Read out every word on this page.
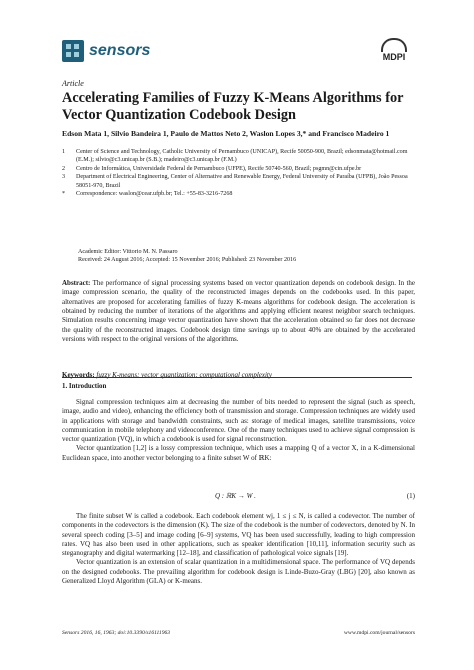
sensors	MDPI
Article
Accelerating Families of Fuzzy K-Means Algorithms for Vector Quantization Codebook Design
Edson Mata 1, Silvio Bandeira 1, Paulo de Mattos Neto 2, Waslon Lopes 3,* and Francisco Madeiro 1
1	Center of Science and Technology, Catholic University of Pernambuco (UNICAP), Recife 50050-900, Brazil; edsonmata@hotmail.com (E.M.); silvio@c3.unicap.br (S.B.); madeiro@c3.unicap.br (F.M.)
2	Centro de Informática, Universidade Federal de Pernambuco (UFPE), Recife 50740-560, Brazil; psgmn@cin.ufpe.br
3	Department of Electrical Engineering, Center of Alternative and Renewable Energy, Federal University of Paraíba (UFPB), João Pessoa 58051-970, Brazil
*	Correspondence: waslon@cear.ufpb.br; Tel.: +55-83-3216-7268
Academic Editor: Vittorio M. N. Passaro
Received: 24 August 2016; Accepted: 15 November 2016; Published: 23 November 2016
Abstract: The performance of signal processing systems based on vector quantization depends on codebook design. In the image compression scenario, the quality of the reconstructed images depends on the codebooks used. In this paper, alternatives are proposed for accelerating families of fuzzy K-means algorithms for codebook design. The acceleration is obtained by reducing the number of iterations of the algorithms and applying efficient nearest neighbor search techniques. Simulation results concerning image vector quantization have shown that the acceleration obtained so far does not decrease the quality of the reconstructed images. Codebook design time savings up to about 40% are obtained by the accelerated versions with respect to the original versions of the algorithms.
Keywords: fuzzy K-means; vector quantization; computational complexity
1. Introduction

Signal compression techniques aim at decreasing the number of bits needed to represent the signal (such as speech, image, audio and video), enhancing the efficiency both of transmission and storage. Compression techniques are widely used in applications with storage and bandwidth constraints, such as: storage of medical images, satellite transmissions, voice communication in mobile telephony and videoconference. One of the many techniques used to achieve signal compression is vector quantization (VQ), in which a codebook is used for signal reconstruction.

Vector quantization [1,2] is a lossy compression technique, which uses a mapping Q of a vector X, in a K-dimensional Euclidean space, into another vector belonging to a finite subset W of ℝK:

Q : ℝK → W .	(1)

The finite subset W is called a codebook. Each codebook element wj, 1 ≤ j ≤ N, is called a codevector. The number of components in the codevectors is the dimension (K). The size of the codebook is the number of codevectors, denoted by N. In several speech coding [3–5] and image coding [6–9] systems, VQ has been used successfully, leading to high compression rates. VQ has also been used in other applications, such as speaker identification [10,11], information security such as steganography and digital watermarking [12–18], and classification of pathological voice signals [19].

Vector quantization is an extension of scalar quantization in a multidimensional space. The performance of VQ depends on the designed codebooks. The prevailing algorithm for codebook design is Linde-Buzo-Gray (LBG) [20], also known as Generalized Lloyd Algorithm (GLA) or K-means.

Sensors 2016, 16, 1963; doi:10.3390/s16111963	www.mdpi.com/journal/sensors
